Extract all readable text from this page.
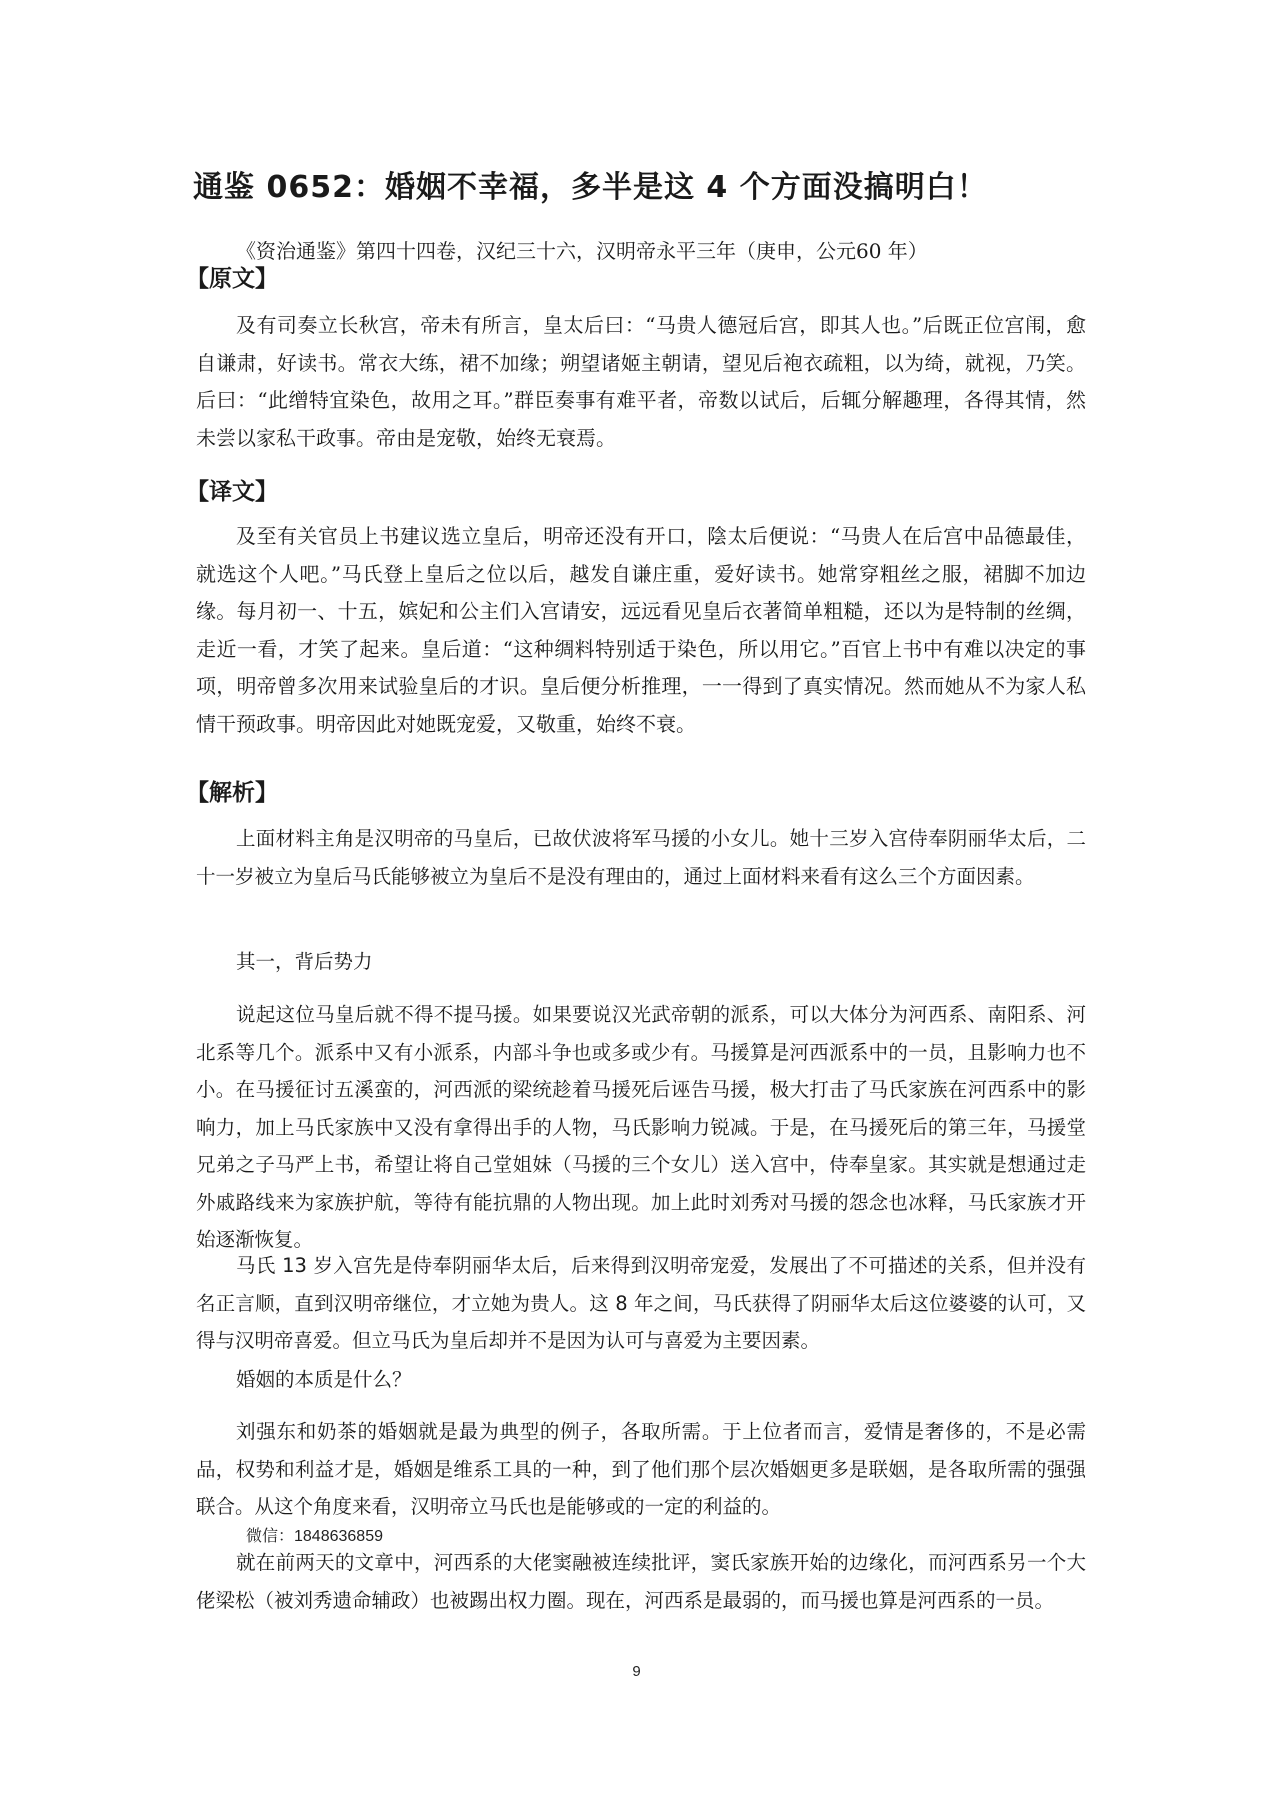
通鉴 0652：婚姻不幸福，多半是这 4 个方面没搞明白！
《资治通鉴》第四十四卷，汉纪三十六，汉明帝永平三年（庚申，公元60 年）
【原文】
及有司奏立长秋宫，帝未有所言，皇太后曰：“马贵人德冠后宫，即其人也。”后既正位宫闱，愈自谦肃，好读书。常衣大练，裙不加缘；朔望诸姬主朝请，望见后袍衣疏粗，以为绮，就视，乃笑。后曰：“此缯特宜染色，故用之耳。”群臣奏事有难平者，帝数以试后，后辄分解趣理，各得其情，然未尝以家私干政事。帝由是宠敬，始终无衰焉。
【译文】
及至有关官员上书建议选立皇后，明帝还没有开口，陰太后便说：“马贵人在后宫中品德最佳，就选这个人吧。”马氏登上皇后之位以后，越发自谦庄重，爱好读书。她常穿粗丝之服，裙脚不加边缘。每月初一、十五，嫔妃和公主们入宫请安，远远看见皇后衣著简单粗糙，还以为是特制的丝绸，走近一看，才笑了起来。皇后道：“这种绸料特别适于染色，所以用它。”百官上书中有难以决定的事项，明帝曾多次用来试验皇后的才识。皇后便分析推理，一一得到了真实情况。然而她从不为家人私情干预政事。明帝因此对她既宠爱，又敬重，始终不衰。
【解析】
上面材料主角是汉明帝的马皇后，已故伏波将军马援的小女儿。她十三岁入宫侍奉阴丽华太后，二十一岁被立为皇后马氏能够被立为皇后不是没有理由的，通过上面材料来看有这么三个方面因素。
其一，背后势力
说起这位马皇后就不得不提马援。如果要说汉光武帝朝的派系，可以大体分为河西系、南阳系、河北系等几个。派系中又有小派系，内部斗争也或多或少有。马援算是河西派系中的一员，且影响力也不小。在马援征讨五溪蛮的，河西派的梁统趁着马援死后诬告马援，极大打击了马氏家族在河西系中的影响力，加上马氏家族中又没有拿得出手的人物，马氏影响力锐减。于是，在马援死后的第三年，马援堂兄弟之子马严上书，希望让将自己堂姐妹（马援的三个女儿）送入宫中，侍奉皇家。其实就是想通过走外戚路线来为家族护航，等待有能抗鼎的人物出现。加上此时刘秀对马援的怨念也冰释，马氏家族才开始逐渐恢复。
马氏 13 岁入宫先是侍奉阴丽华太后，后来得到汉明帝宠爱，发展出了不可描述的关系，但并没有名正言顺，直到汉明帝继位，才立她为贵人。这 8 年之间，马氏获得了阴丽华太后这位婆婆的认可，又得与汉明帝喜爱。但立马氏为皇后却并不是因为认可与喜爱为主要因素。
婚姻的本质是什么？
刘强东和奶茶的婚姻就是最为典型的例子，各取所需。于上位者而言，爱情是奢侈的，不是必需品，权势和利益才是，婚姻是维系工具的一种，到了他们那个层次婚姻更多是联姻，是各取所需的强强联合。从这个角度来看，汉明帝立马氏也是能够或的一定的利益的。
微信：1848636859
就在前两天的文章中，河西系的大佬窦融被连续批评，窦氏家族开始的边缘化，而河西系另一个大佬梁松（被刘秀遗命辅政）也被踢出权力圈。现在，河西系是最弱的，而马援也算是河西系的一员。
9
